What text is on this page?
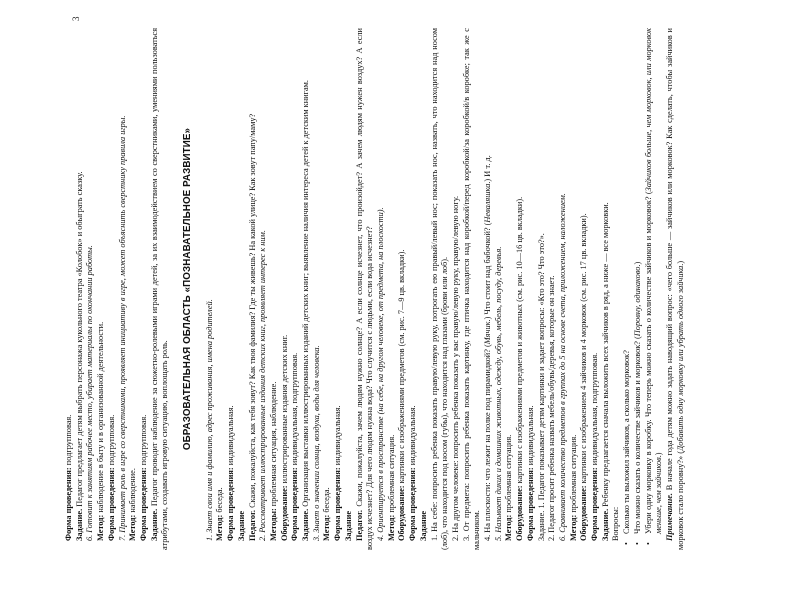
3

Форма проведения: подгрупповая.

Задание. Педагог предлагает детям выбрать персонажа кукольного театра «Колобок» и обыграть сказку. 6. Готовит к занятиям рабочее место, убирает материалы по окончании работы. Метод: наблюдение в быту и в организованной деятельности. Форма проведения: подгрупповая. 7. Принимает роль в игре со сверстниками, проявляет инициативу в игре, может объяснить сверстнику правила игры. Метод: наблюдение. Форма проведения: подгрупповая.

Задание. Педагог проводит наблюдение за сюжетно-ролевыми играми детей, за их взаимодействием со сверстниками, умениями пользоваться атрибутами, создавать игровую ситуацию, воплощать роль. ОБРАЗОВАТЕЛЬНАЯ ОБЛАСТЬ «ПОЗНАВАТЕЛЬНОЕ РАЗВИТИЕ» 1. Знает свои имя и фамилию, адрес проживания, имена родителей. Метод: беседа. Форма проведения: индивидуальная.

Задание Педагог. Скажи, пожалуйста, как тебя зовут? Как твоя фамилия? Где ты живешь? На какой улице? Как зовут папу/маму? 2. Рассматривает иллюстрированные издания детских книг, проявляет интерес к ним. Методы: проблемная ситуация, наблюдение.

Оборудование: иллюстрированные издания детских книг.

Форма проведения: индивидуальная, подгрупповая.

Задание. Организация выставки иллюстрированных изданий детских книг; выявление наличия интереса детей к детским книгам. 3. Знает о значении солнца, воздуха, воды для человека. Метод: беседа. Форма проведения: индивидуальная.

Задание Педагог. Скажи, пожалуйста, зачем людям нужно солнце? А если солнце исчезнет, что произойдет? А зачем людям нужен воздух? А если воздух исчезнет? Для чего людям нужна вода? Что случится с людьми, если вода исчезнет? 4. Ориентируется в пространстве (на себе, на другом человеке, от предмета, на плоскости). Метод: проблемная ситуация.

Оборудование: картинки с изображениями предметов (см. рис. 7—9 цв. вкладки).

Форма проведения: индивидуальная.

Задание 1. На себе: попросить ребенка показать правую/левую руку, потрогать ею правый/левый нос; показать нос, назвать, что находится над носом (лоб), что находится под носом (губы), что находится над глазами (брови или лоб). 2. На другом человеке: попросить ребенка показать у вас правую/левую руку, правую/левую ногу. 3. От предмета: попросить ребенка показать картинку, где птичка находится над коробкой/перед коробкой/за коробкой/в коробке; так же с мальчиком. 4. На плоскости: что лежит на полке под пирамидкой? (Мячик.) Что стоит над бабочкой? (Неваляшка.) И т. д.

5. Называет диких и домашних животных, одежду, обувь, мебель, посуду, деревья. Метод: проблемная ситуация.

Оборудование: картинки с изображениями предметов и животных (см. рис. 10—16 цв. вкладки).

Форма проведения: индивидуальная. Задание. 1. Педагог показывает детям картинки и задает вопросы: «Кто это? Что это?». 2. Педагог просит ребенка назвать мебель/обувь/деревья, которые он знает. 6. Сравнивает количество предметов в группах до 5 на основе счета, приложением, наложением. Метод: проблемная ситуация.

Оборудование: картинки с изображением 4 зайчиков и 4 морковок (см. рис. 17 цв. вкладки).

Форма проведения: индивидуальная, подгрупповая.

Задание. Ребенку предлагается сначала выложить всех зайчиков в ряд, а ниже — все морковки.

Вопросы: • Сколько ты выложил зайчиков, а сколько морковок? • Что можно сказать о количестве зайчиков и морковок? (Поровну, одинаково.) • Убери одну морковку в коробку. Что теперь можно сказать о количестве зайчиков и морковок? (Зайчиков больше, чем морковок, или морковок меньше, чем зайчиков.)

Примечание. В начале года детям можно задать наводящий вопрос: «чего больше — зайчиков или морковок? Как сделать, чтобы зайчиков и морковок стало поровну?» (Добавить одну морковку или убрать одного зайчика.)
